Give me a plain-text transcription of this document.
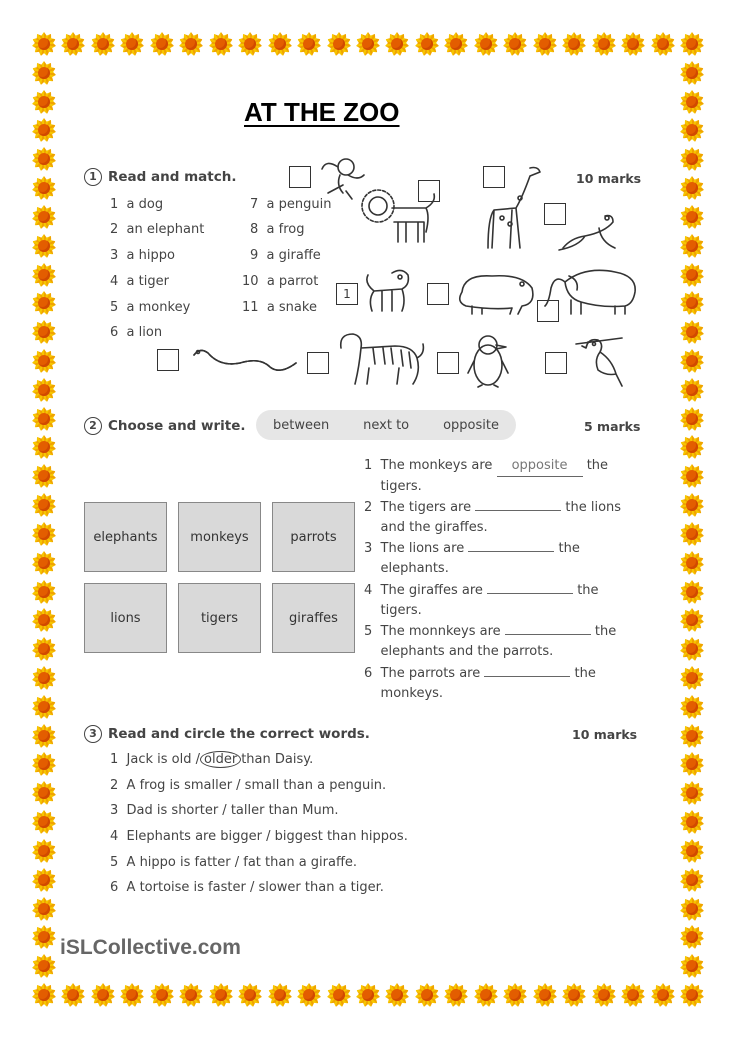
AT THE ZOO
1 Read and match.	10 marks
1 a dog
2 an elephant
3 a hippo
4 a tiger
5 a monkey
6 a lion
7 a penguin
8 a frog
9 a giraffe
10 a parrot
11 a snake
1
2 Choose and write. between	next to	opposite	5 marks
elephants	monkeys	parrots
lions	tigers	giraffes
1 The monkeys are opposite the
tigers.
2 The tigers are	the lions
and the giraffes.
3 The lions are	the
elephants.
4 The giraffes are	the
tigers.
5 The monnkeys are	the
elephants and the parrots.
6 The parrots are	the
monkeys.
3 Read and circle the correct words.	10 marks
1 Jack is old / older than Daisy.
2 A frog is smaller / small than a penguin.
3 Dad is shorter / taller than Mum.
4 Elephants are bigger / biggest than hippos.
5 A hippo is fatter / fat than a giraffe.
6 A tortoise is faster / slower than a tiger.
iSLCollective.com
